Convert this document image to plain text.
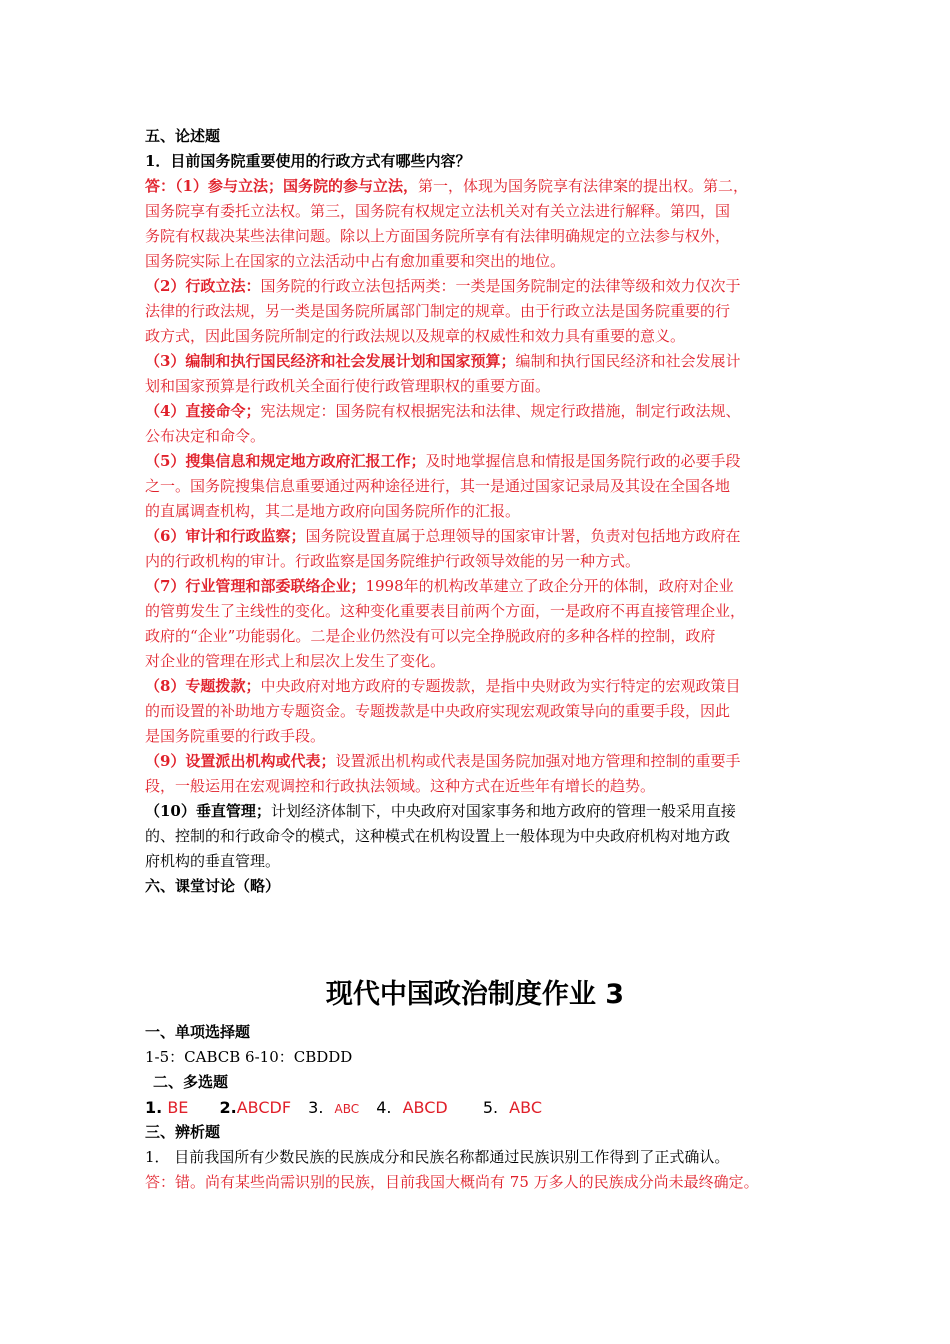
五、论述题
1．目前国务院重要使用的行政方式有哪些内容？
答：（1）参与立法；国务院的参与立法，第一，体现为国务院享有法律案的提出权。第二，
国务院享有委托立法权。第三，国务院有权规定立法机关对有关立法进行解释。第四，国
务院有权裁决某些法律问题。除以上方面国务院所享有有法律明确规定的立法参与权外，
国务院实际上在国家的立法活动中占有愈加重要和突出的地位。
（2）行政立法：国务院的行政立法包括两类：一类是国务院制定的法律等级和效力仅次于
法律的行政法规，另一类是国务院所属部门制定的规章。由于行政立法是国务院重要的行
政方式，因此国务院所制定的行政法规以及规章的权威性和效力具有重要的意义。
（3）编制和执行国民经济和社会发展计划和国家预算；编制和执行国民经济和社会发展计
划和国家预算是行政机关全面行使行政管理职权的重要方面。
（4）直接命令；宪法规定：国务院有权根据宪法和法律、规定行政措施，制定行政法规、
公布决定和命令。
（5）搜集信息和规定地方政府汇报工作；及时地掌握信息和情报是国务院行政的必要手段
之一。国务院搜集信息重要通过两种途径进行，其一是通过国家记录局及其设在全国各地
的直属调查机构，其二是地方政府向国务院所作的汇报。
（6）审计和行政监察；国务院设置直属于总理领导的国家审计署，负责对包括地方政府在
内的行政机构的审计。行政监察是国务院维护行政领导效能的另一种方式。
（7）行业管理和部委联络企业；1998年的机构改革建立了政企分开的体制，政府对企业
的管剪发生了主线性的变化。这种变化重要表目前两个方面，一是政府不再直接管理企业，
政府的“企业”功能弱化。二是企业仍然没有可以完全挣脱政府的多种各样的控制，政府
对企业的管理在形式上和层次上发生了变化。
（8）专题拨款；中央政府对地方政府的专题拨款，是指中央财政为实行特定的宏观政策目
的而设置的补助地方专题资金。专题拨款是中央政府实现宏观政策导向的重要手段，因此
是国务院重要的行政手段。
（9）设置派出机构或代表；设置派出机构或代表是国务院加强对地方管理和控制的重要手
段，一般运用在宏观调控和行政执法领域。这种方式在近些年有增长的趋势。
（10）垂直管理；计划经济体制下，中央政府对国家事务和地方政府的管理一般采用直接
的、控制的和行政命令的模式，这种模式在机构设置上一般体现为中央政府机构对地方政
府机构的垂直管理。
六、课堂讨论（略）
现代中国政治制度作业 3
一、单项选择题
1-5：CABCB 6-10：CBDDD
二、多选题
1. BE 2.ABCDF 3. ABC 4. ABCD 5. ABC
三、辨析题
1． 目前我国所有少数民族的民族成分和民族名称都通过民族识别工作得到了正式确认。
答：错。尚有某些尚需识别的民族，目前我国大概尚有 75 万多人的民族成分尚未最终确定。
